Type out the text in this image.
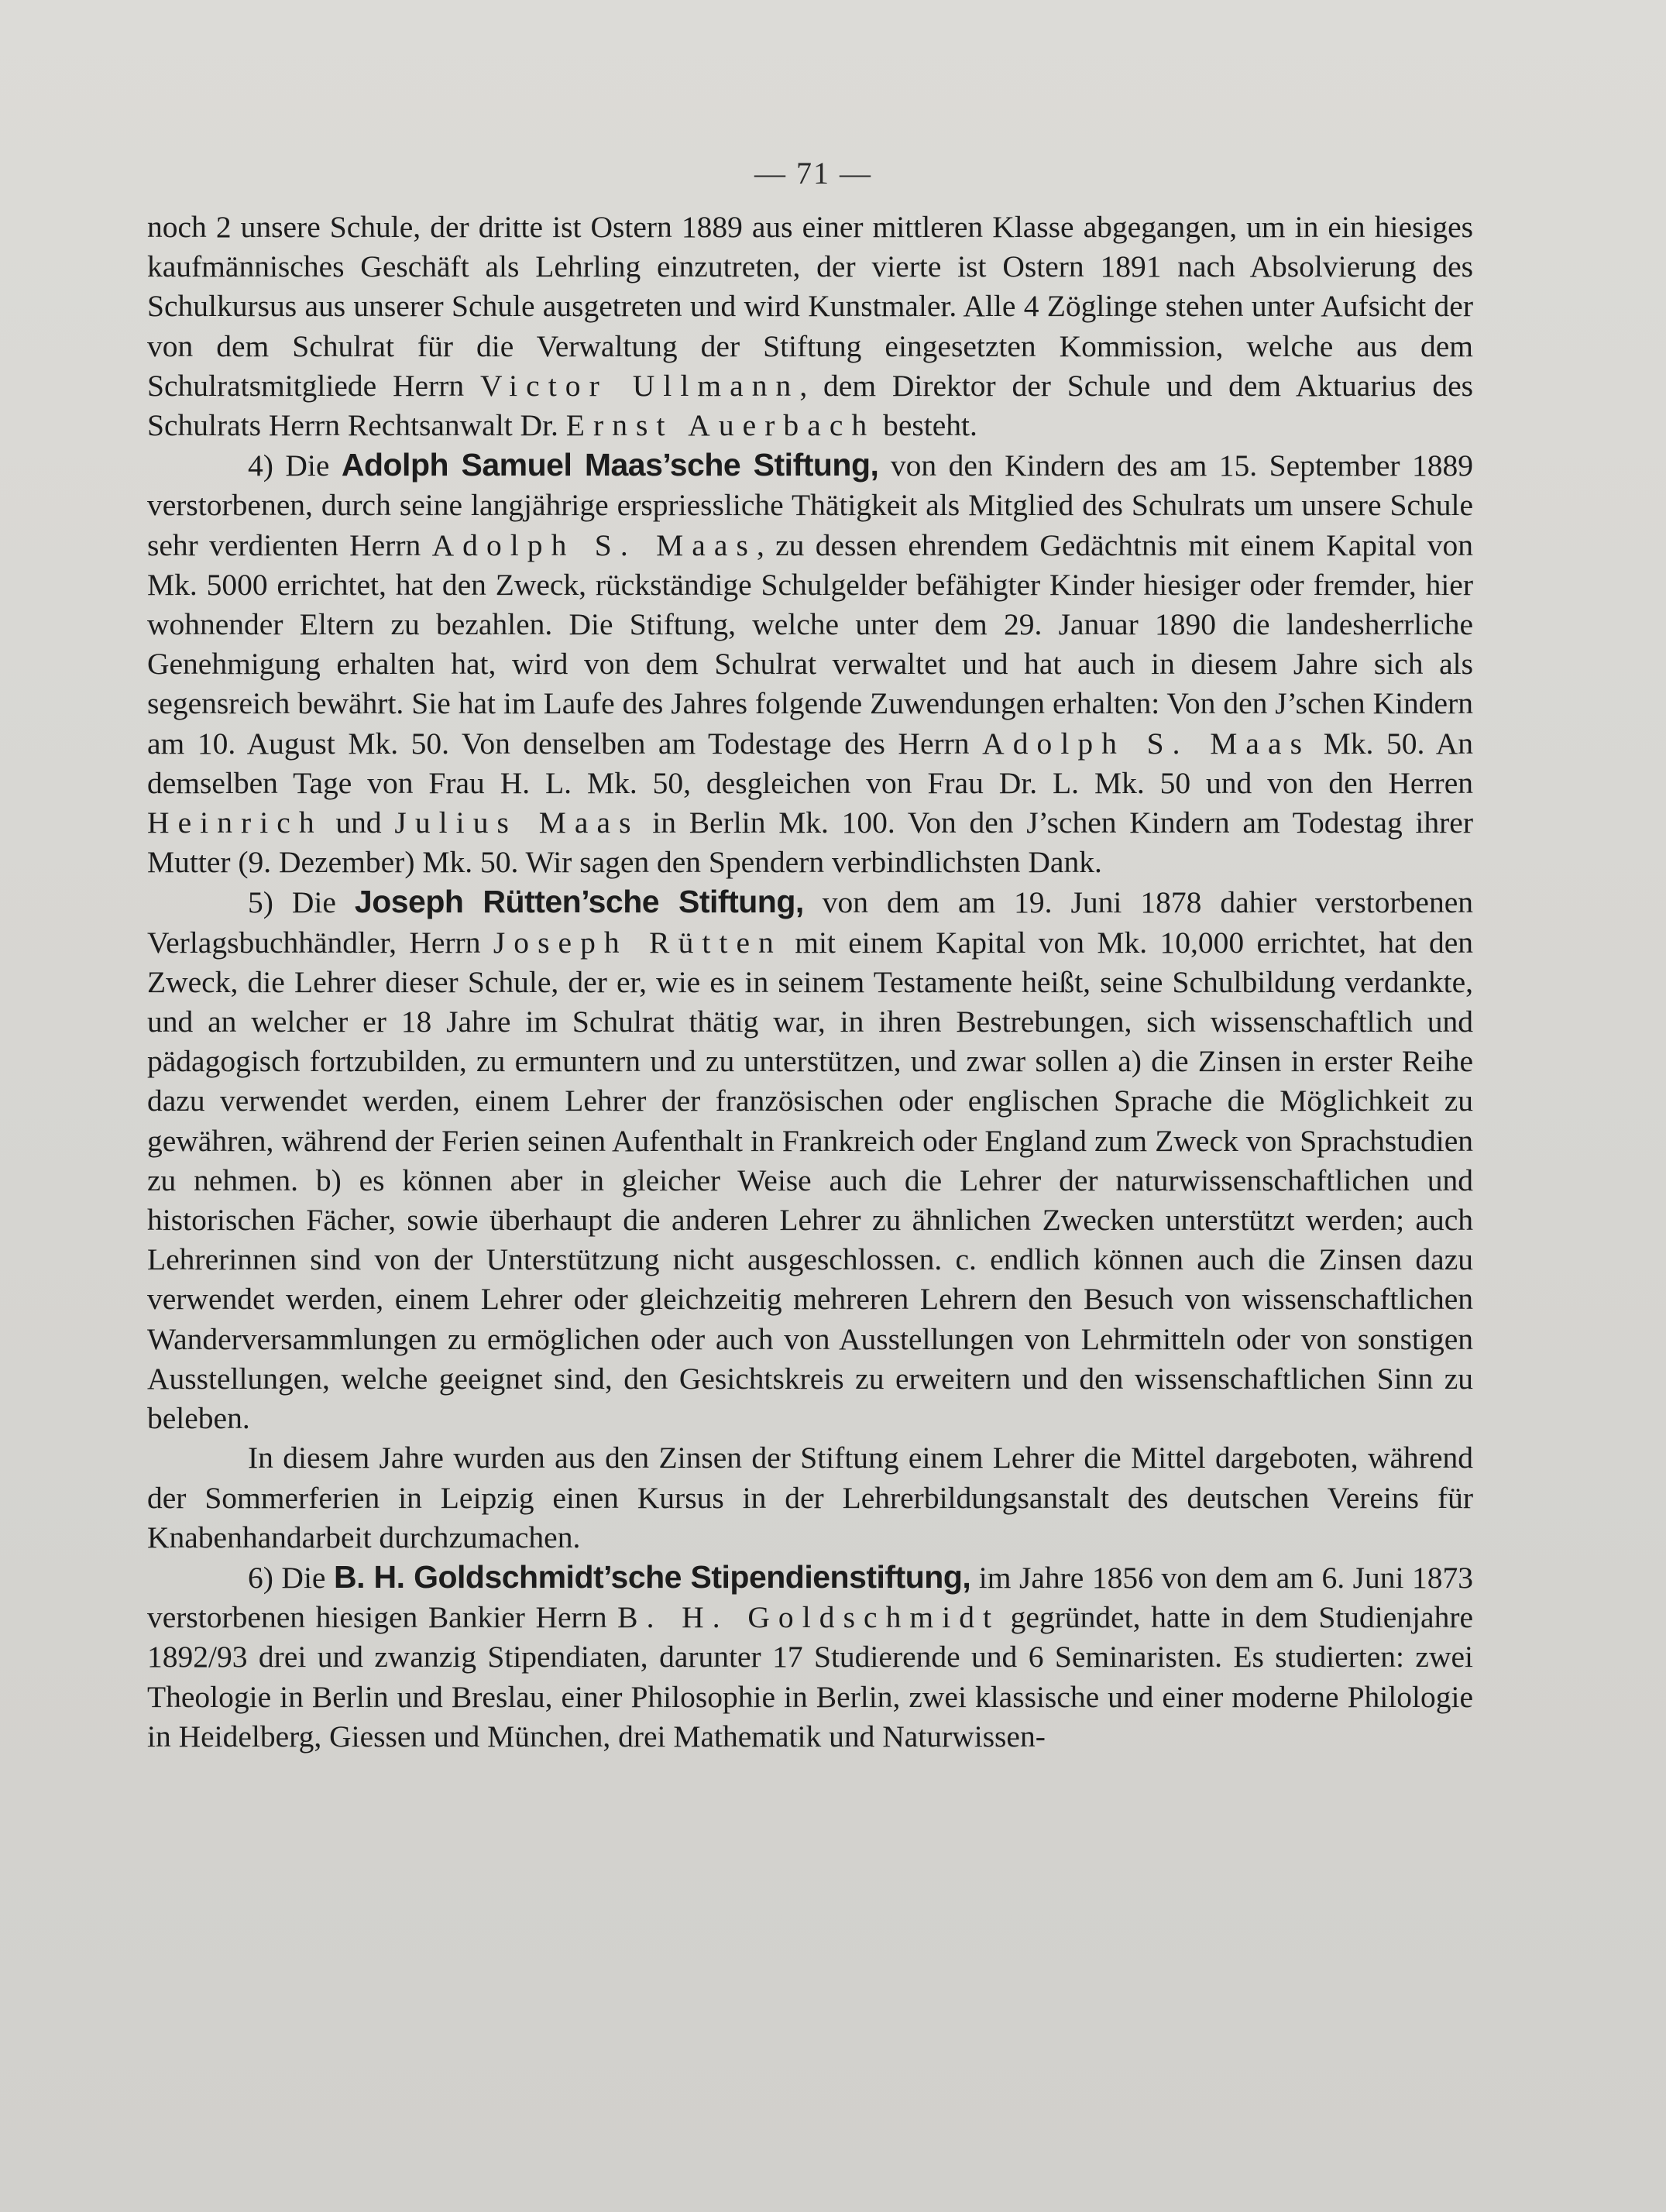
— 71 —

noch 2 unsere Schule, der dritte ist Ostern 1889 aus einer mittleren Klasse abgegangen, um in ein hiesiges kaufmännisches Geschäft als Lehrling einzutreten, der vierte ist Ostern 1891 nach Absolvierung des Schulkursus aus unserer Schule ausgetreten und wird Kunstmaler. Alle 4 Zöglinge stehen unter Aufsicht der von dem Schulrat für die Verwaltung der Stiftung eingesetzten Kommission, welche aus dem Schulratsmitgliede Herrn Victor Ullmann, dem Direktor der Schule und dem Aktuarius des Schulrats Herrn Rechtsanwalt Dr. Ernst Auerbach besteht.

4) Die Adolph Samuel Maas’sche Stiftung, von den Kindern des am 15. September 1889 verstorbenen, durch seine langjährige erspriessliche Thätigkeit als Mitglied des Schulrats um unsere Schule sehr verdienten Herrn Adolph S. Maas, zu dessen ehrendem Gedächtnis mit einem Kapital von Mk. 5000 errichtet, hat den Zweck, rückständige Schulgelder befähigter Kinder hiesiger oder fremder, hier wohnender Eltern zu bezahlen. Die Stiftung, welche unter dem 29. Januar 1890 die landesherrliche Genehmigung erhalten hat, wird von dem Schulrat verwaltet und hat auch in diesem Jahre sich als segensreich bewährt. Sie hat im Laufe des Jahres folgende Zuwendungen erhalten: Von den J’schen Kindern am 10. August Mk. 50. Von denselben am Todestage des Herrn Adolph S. Maas Mk. 50. An demselben Tage von Frau H. L. Mk. 50, desgleichen von Frau Dr. L. Mk. 50 und von den Herren Heinrich und Julius Maas in Berlin Mk. 100. Von den J’schen Kindern am Todestag ihrer Mutter (9. Dezember) Mk. 50. Wir sagen den Spendern verbindlichsten Dank.

5) Die Joseph Rütten’sche Stiftung, von dem am 19. Juni 1878 dahier verstorbenen Verlagsbuchhändler, Herrn Joseph Rütten mit einem Kapital von Mk. 10,000 errichtet, hat den Zweck, die Lehrer dieser Schule, der er, wie es in seinem Testamente heißt, seine Schulbildung verdankte, und an welcher er 18 Jahre im Schulrat thätig war, in ihren Bestrebungen, sich wissenschaftlich und pädagogisch fortzubilden, zu ermuntern und zu unterstützen, und zwar sollen a) die Zinsen in erster Reihe dazu verwendet werden, einem Lehrer der französischen oder englischen Sprache die Möglichkeit zu gewähren, während der Ferien seinen Aufenthalt in Frankreich oder England zum Zweck von Sprachstudien zu nehmen. b) es können aber in gleicher Weise auch die Lehrer der naturwissenschaftlichen und historischen Fächer, sowie überhaupt die anderen Lehrer zu ähnlichen Zwecken unterstützt werden; auch Lehrerinnen sind von der Unterstützung nicht ausgeschlossen. c. endlich können auch die Zinsen dazu verwendet werden, einem Lehrer oder gleichzeitig mehreren Lehrern den Besuch von wissenschaftlichen Wanderversammlungen zu ermöglichen oder auch von Ausstellungen von Lehrmitteln oder von sonstigen Ausstellungen, welche geeignet sind, den Gesichtskreis zu erweitern und den wissenschaftlichen Sinn zu beleben.

In diesem Jahre wurden aus den Zinsen der Stiftung einem Lehrer die Mittel dargeboten, während der Sommerferien in Leipzig einen Kursus in der Lehrerbildungsanstalt des deutschen Vereins für Knabenhandarbeit durchzumachen.

6) Die B. H. Goldschmidt’sche Stipendienstiftung, im Jahre 1856 von dem am 6. Juni 1873 verstorbenen hiesigen Bankier Herrn B. H. Goldschmidt gegründet, hatte in dem Studienjahre 1892/93 drei und zwanzig Stipendiaten, darunter 17 Studierende und 6 Seminaristen. Es studierten: zwei Theologie in Berlin und Breslau, einer Philosophie in Berlin, zwei klassische und einer moderne Philologie in Heidelberg, Giessen und München, drei Mathematik und Naturwissen-
